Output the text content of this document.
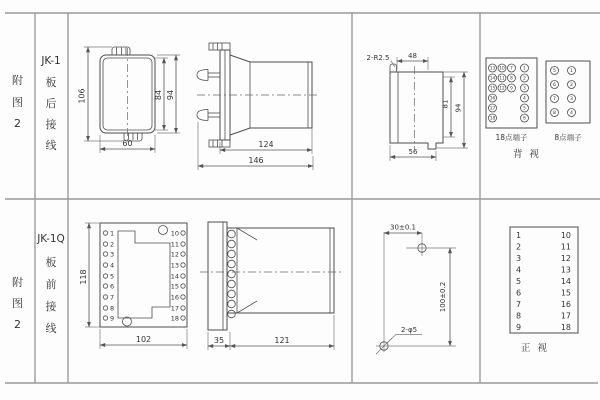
附
图
2
JK-1
板
后
接
线
106	84 94
60	124
146
2-R2.5	48
81 94
56
13 10 7 1
14 11 8 2
15 12 9 3
16	4
17	5
18	6
18点端子
5	1
6	2
7	3
8	4
8点端子
背 视
附
图
2
JK-1Q
板
前
接
线
1
2
3
4
5
6
7
8
9
10
11
12
13
14
15
16
17
18
118
102	35	121
30±0.1
100±0.2
2-φ5
1	10
2	11
3	12
4	13
5	14
6	15
7	16
8	17
9	18
正 视
